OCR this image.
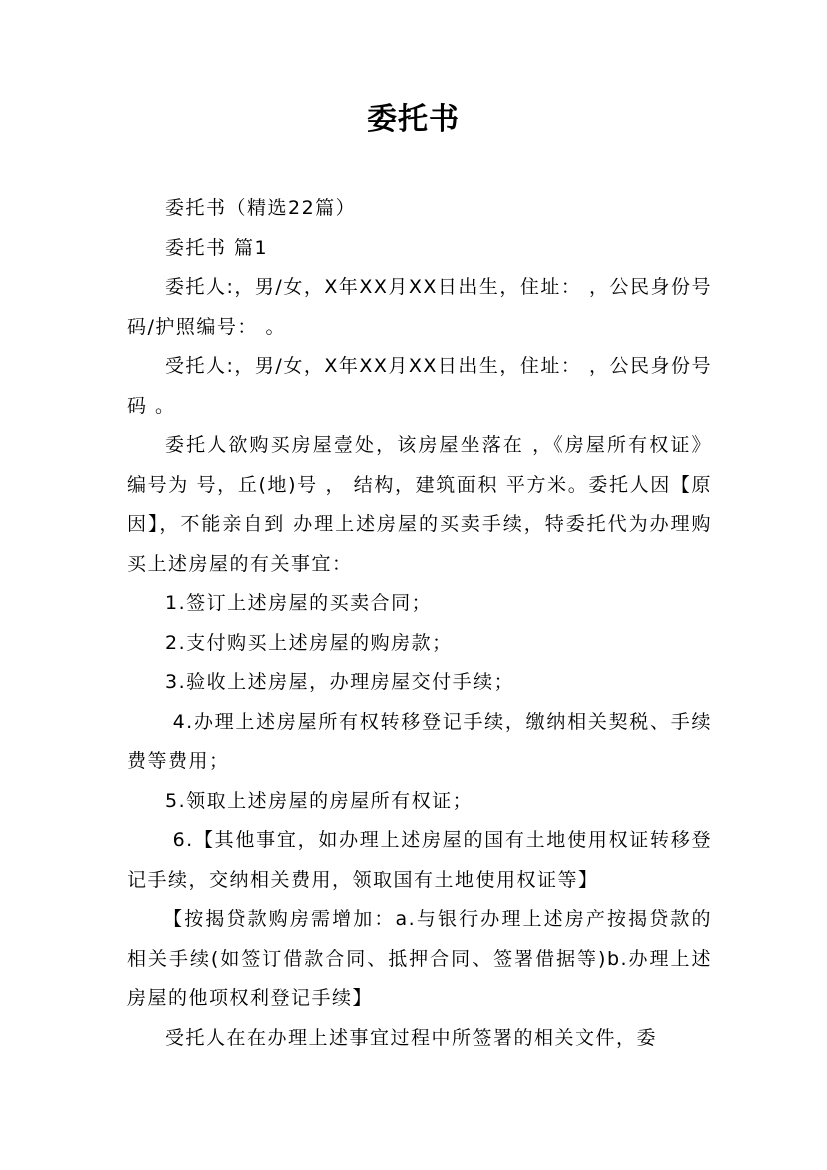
委托书

委托书（精选22篇）

委托书 篇1

委托人:，男/女，X年XX月XX日出生，住址： ，公民身份号码/护照编号： 。

受托人:，男/女，X年XX月XX日出生，住址： ，公民身份号码 。

委托人欲购买房屋壹处，该房屋坐落在 ，《房屋所有权证》编号为 号，丘(地)号 ， 结构，建筑面积 平方米。委托人因【原因】，不能亲自到 办理上述房屋的买卖手续，特委托代为办理购买上述房屋的有关事宜：

1.签订上述房屋的买卖合同；

2.支付购买上述房屋的购房款；

3.验收上述房屋，办理房屋交付手续；

4.办理上述房屋所有权转移登记手续，缴纳相关契税、手续费等费用；

5.领取上述房屋的房屋所有权证；

6.【其他事宜，如办理上述房屋的国有土地使用权证转移登记手续，交纳相关费用，领取国有土地使用权证等】

【按揭贷款购房需增加：a.与银行办理上述房产按揭贷款的相关手续(如签订借款合同、抵押合同、签署借据等)b.办理上述房屋的他项权利登记手续】

受托人在在办理上述事宜过程中所签署的相关文件，委
